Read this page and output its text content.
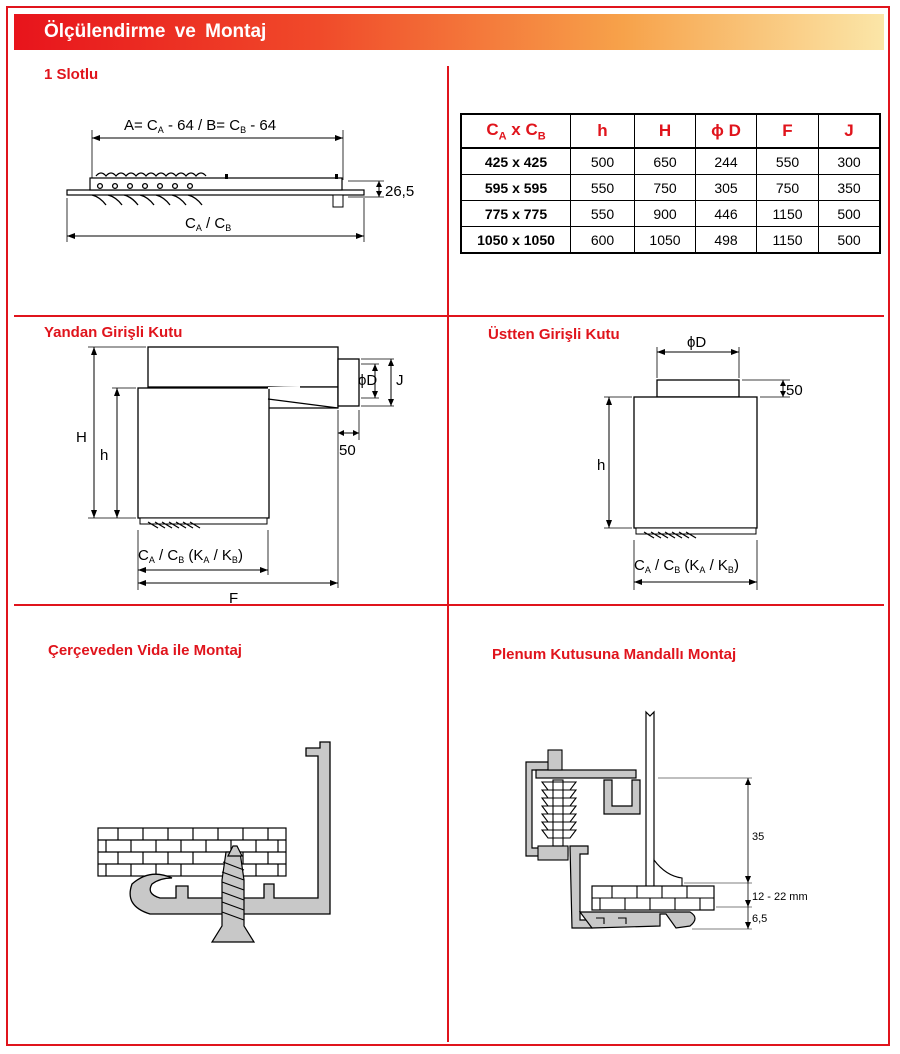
Ölçülendirme ve Montaj
1 Slotlu
$A= C_A - 64 / B= C_B - 64$
26,5
$C_A / C_B$
$C_A$ x $C_B$	h	H	ϕ D	F	J
425 x 425	500	650	244	550	300
595 x 595	550	750	305	750	350
775 x 775	550	900	446	1150	500
1050 x 1050	600	1050	498	1150	500
Yandan Girişli Kutu
H
h
ϕD J
50
$C_A / C_B$ $(K_A / K_B)$
F
Üstten Girişli Kutu	ϕD
50
h
$C_A / C_B$ $(K_A / K_B)$
Çerçeveden Vida ile Montaj	Plenum Kutusuna Mandallı Montaj
35
12 - 22 mm
6,5
